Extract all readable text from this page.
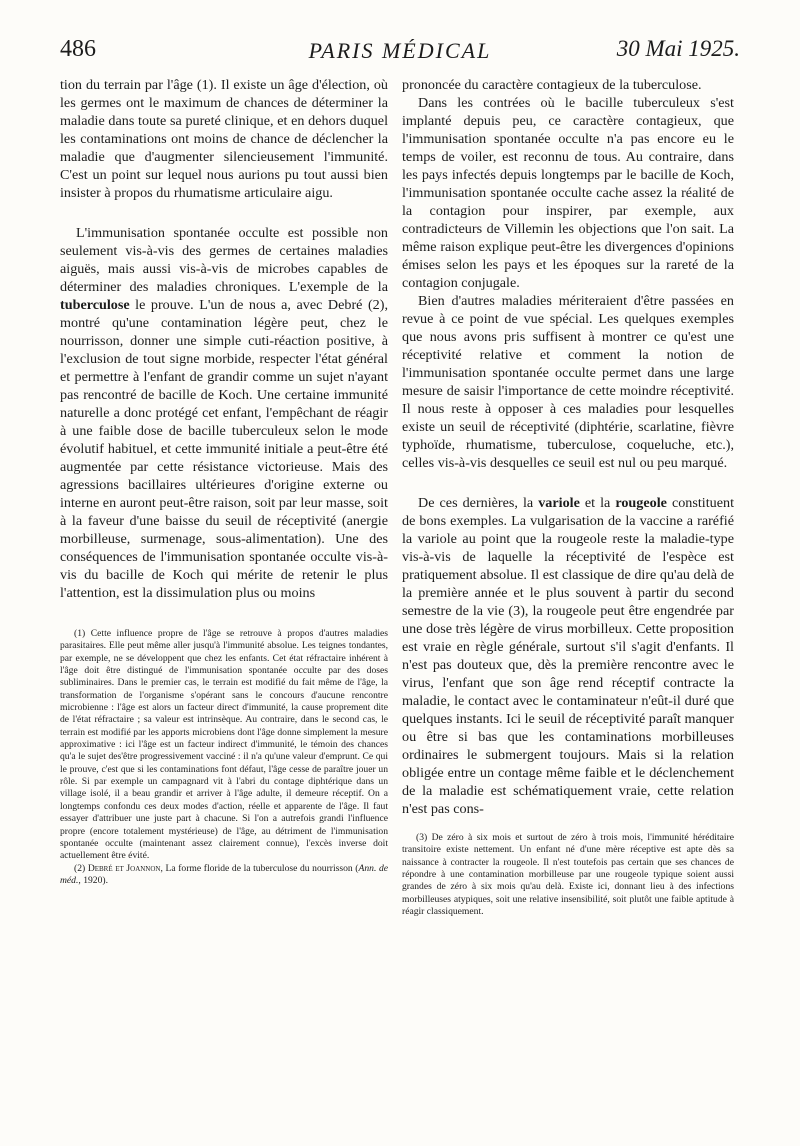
486	PARIS MÉDICAL	30 Mai 1925.

tion du terrain par l'âge (1). Il existe un âge d'élection, où les germes ont le maximum de chances de déterminer la maladie dans toute sa pureté clinique, et en dehors duquel les contaminations ont moins de chance de déclencher la maladie que d'augmenter silencieusement l'immunité. C'est un point sur lequel nous aurions pu tout aussi bien insister à propos du rhumatisme articulaire aigu.

L'immunisation spontanée occulte est possible non seulement vis-à-vis des germes de certaines maladies aiguës, mais aussi vis-à-vis de microbes capables de déterminer des maladies chroniques. L'exemple de la tuberculose le prouve. L'un de nous a, avec Debré (2), montré qu'une contamination légère peut, chez le nourrisson, donner une simple cuti-réaction positive, à l'exclusion de tout signe morbide, respecter l'état général et permettre à l'enfant de grandir comme un sujet n'ayant pas rencontré de bacille de Koch. Une certaine immunité naturelle a donc protégé cet enfant, l'empêchant de réagir à une faible dose de bacille tuberculeux selon le mode évolutif habituel, et cette immunité initiale a peut-être été augmentée par cette résistance victorieuse. Mais des agressions bacillaires ultérieures d'origine externe ou interne en auront peut-être raison, soit par leur masse, soit à la faveur d'une baisse du seuil de réceptivité (anergie morbilleuse, surmenage, sous-alimentation). Une des conséquences de l'immunisation spontanée occulte vis-à-vis du bacille de Koch qui mérite de retenir le plus l'attention, est la dissimulation plus ou moins

(1) Cette influence propre de l'âge se retrouve à propos d'autres maladies parasitaires. Elle peut même aller jusqu'à l'immunité absolue. Les teignes tondantes, par exemple, ne se développent que chez les enfants. Cet état réfractaire inhérent à l'âge doit être distingué de l'immunisation spontanée occulte par des doses subliminaires. Dans le premier cas, le terrain est modifié du fait même de l'âge, la transformation de l'organisme s'opérant sans le concours d'aucune rencontre microbienne : l'âge est alors un facteur direct d'immunité, la cause proprement dite de l'état réfractaire ; sa valeur est intrinsèque. Au contraire, dans le second cas, le terrain est modifié par les apports microbiens dont l'âge donne simplement la mesure approximative : ici l'âge est un facteur indirect d'immunité, le témoin des chances qu'a le sujet des'être progressivement vacciné : il n'a qu'une valeur d'emprunt. Ce qui le prouve, c'est que si les contaminations font défaut, l'âge cesse de paraître jouer un rôle. Si par exemple un campagnard vit à l'abri du contage diphtérique dans un village isolé, il a beau grandir et arriver à l'âge adulte, il demeure réceptif. On a longtemps confondu ces deux modes d'action, réelle et apparente de l'âge. Il faut essayer d'attribuer une juste part à chacune. Si l'on a autrefois grandi l'influence propre (encore totalement mystérieuse) de l'âge, au détriment de l'immunisation spontanée occulte (maintenant assez clairement connue), l'excès inverse doit actuellement être évité.

(2) Debré et Joannon, La forme floride de la tuberculose du nourrisson (Ann. de méd., 1920).

prononcée du caractère contagieux de la tuberculose.

Dans les contrées où le bacille tuberculeux s'est implanté depuis peu, ce caractère contagieux, que l'immunisation spontanée occulte n'a pas encore eu le temps de voiler, est reconnu de tous. Au contraire, dans les pays infectés depuis longtemps par le bacille de Koch, l'immunisation spontanée occulte cache assez la réalité de la contagion pour inspirer, par exemple, aux contradicteurs de Villemin les objections que l'on sait. La même raison explique peut-être les divergences d'opinions émises selon les pays et les époques sur la rareté de la contagion conjugale.

Bien d'autres maladies mériteraient d'être passées en revue à ce point de vue spécial. Les quelques exemples que nous avons pris suffisent à montrer ce qu'est une réceptivité relative et comment la notion de l'immunisation spontanée occulte permet dans une large mesure de saisir l'importance de cette moindre réceptivité. Il nous reste à opposer à ces maladies pour lesquelles existe un seuil de réceptivité (diphtérie, scarlatine, fièvre typhoïde, rhumatisme, tuberculose, coqueluche, etc.), celles vis-à-vis desquelles ce seuil est nul ou peu marqué.

De ces dernières, la variole et la rougeole constituent de bons exemples. La vulgarisation de la vaccine a raréfié la variole au point que la rougeole reste la maladie-type vis-à-vis de laquelle la réceptivité de l'espèce est pratiquement absolue. Il est classique de dire qu'au delà de la première année et le plus souvent à partir du second semestre de la vie (3), la rougeole peut être engendrée par une dose très légère de virus morbilleux. Cette proposition est vraie en règle générale, surtout s'il s'agit d'enfants. Il n'est pas douteux que, dès la première rencontre avec le virus, l'enfant que son âge rend réceptif contracte la maladie, le contact avec le contaminateur n'eût-il duré que quelques instants. Ici le seuil de réceptivité paraît manquer ou être si bas que les contaminations morbilleuses ordinaires le submergent toujours. Mais si la relation obligée entre un contage même faible et le déclenchement de la maladie est schématiquement vraie, cette relation n'est pas cons-

(3) De zéro à six mois et surtout de zéro à trois mois, l'immunité héréditaire transitoire existe nettement. Un enfant né d'une mère réceptive est apte dès sa naissance à contracter la rougeole. Il n'est toutefois pas certain que ses chances de répondre à une contamination morbilleuse par une rougeole typique soient aussi grandes de zéro à six mois qu'au delà. Existe ici, donnant lieu à des infections morbilleuses atypiques, soit une relative insensibilité, soit plutôt une faible aptitude à réagir classiquement.
